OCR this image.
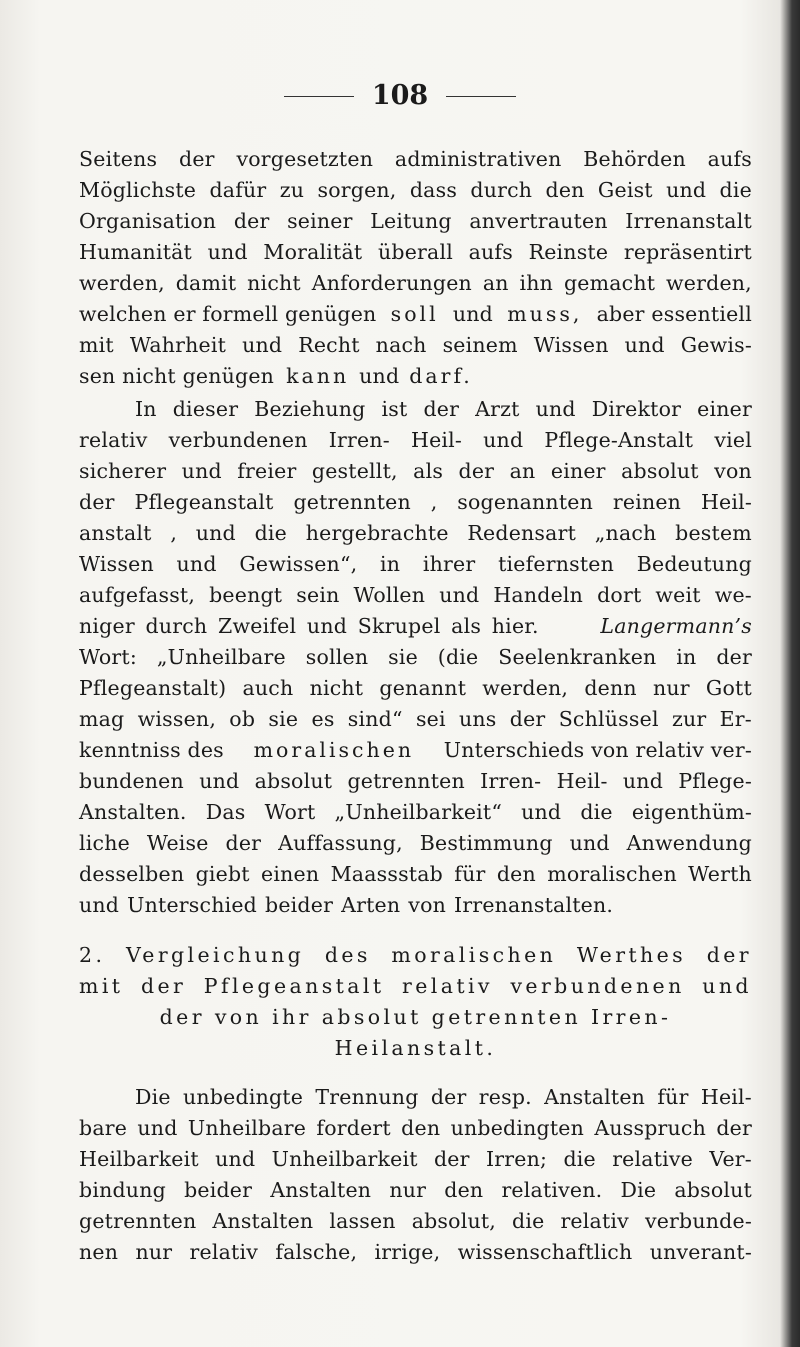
108
Seitens der vorgesetzten administrativen Behörden aufs
Möglichste dafür zu sorgen, dass durch den Geist und die
Organisation der seiner Leitung anvertrauten Irrenanstalt
Humanität und Moralität überall aufs Reinste repräsentirt
werden, damit nicht Anforderungen an ihn gemacht werden,
welchen er formell genügen soll und muss, aber essentiell
mit Wahrheit und Recht nach seinem Wissen und Gewis-
sen nicht genügen kann und darf.
In dieser Beziehung ist der Arzt und Direktor einer
relativ verbundenen Irren- Heil- und Pflege-Anstalt viel
sicherer und freier gestellt, als der an einer absolut von
der Pflegeanstalt getrennten , sogenannten reinen Heil-
anstalt , und die hergebrachte Redensart „nach bestem
Wissen und Gewissen“, in ihrer tiefernsten Bedeutung
aufgefasst, beengt sein Wollen und Handeln dort weit we-
niger durch Zweifel und Skrupel als hier.	Langermann’s
Wort: „Unheilbare sollen sie (die Seelenkranken in der
Pflegeanstalt) auch nicht genannt werden, denn nur Gott
mag wissen, ob sie es sind“ sei uns der Schlüssel zur Er-
kenntniss des moralischen Unterschieds von relativ ver-
bundenen und absolut getrennten Irren- Heil- und Pflege-
Anstalten. Das Wort „Unheilbarkeit“ und die eigenthüm-
liche Weise der Auffassung, Bestimmung und Anwendung
desselben giebt einen Maassstab für den moralischen Werth
und Unterschied beider Arten von Irrenanstalten.
2. Vergleichung des moralischen Werthes der
mit der Pflegeanstalt relativ verbundenen und
der von ihr absolut getrennten Irren-
Heilanstalt.
Die unbedingte Trennung der resp. Anstalten für Heil-
bare und Unheilbare fordert den unbedingten Ausspruch der
Heilbarkeit und Unheilbarkeit der Irren; die relative Ver-
bindung beider Anstalten nur den relativen. Die absolut
getrennten Anstalten lassen absolut, die relativ verbunde-
nen nur relativ falsche, irrige, wissenschaftlich unverant-
